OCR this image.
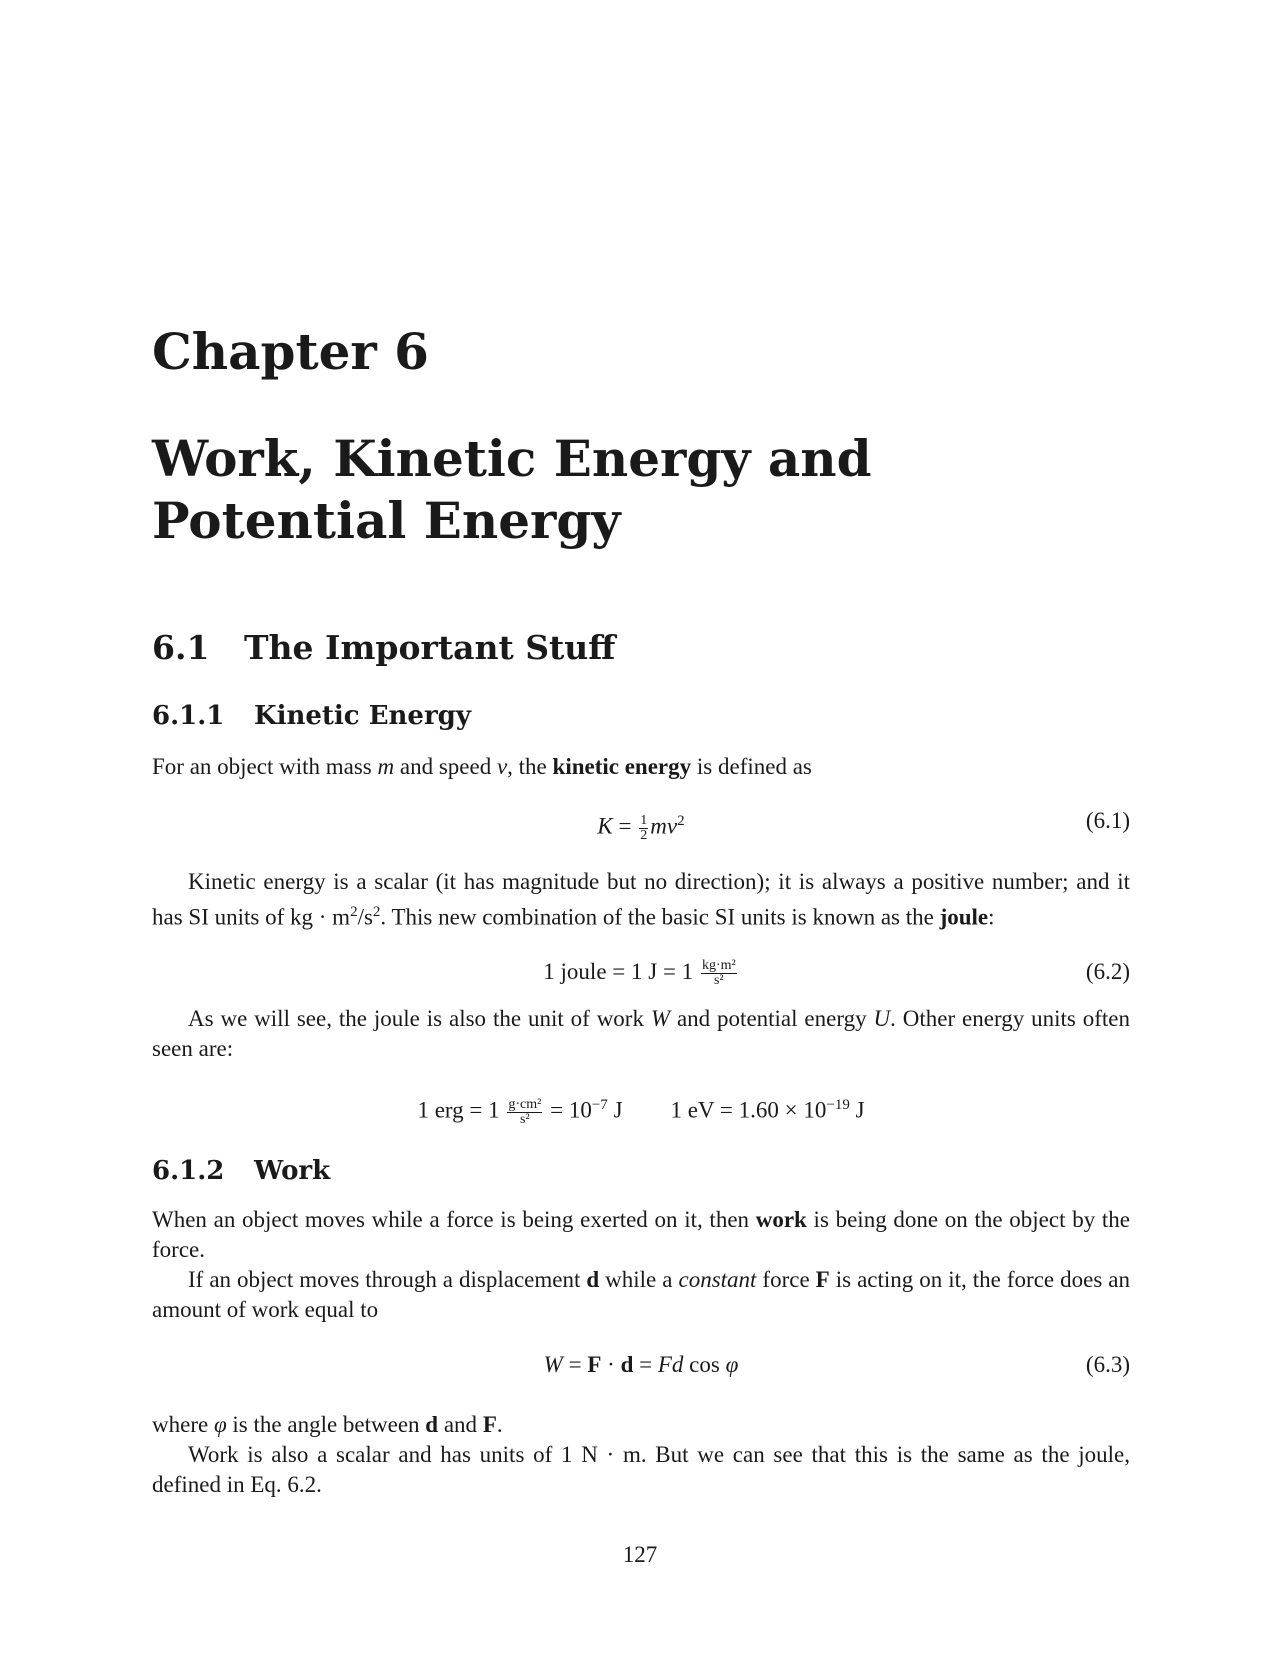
Chapter 6
Work, Kinetic Energy and Potential Energy
6.1 The Important Stuff
6.1.1 Kinetic Energy
For an object with mass m and speed v, the kinetic energy is defined as
$K = \frac{1}{2} mv^2$	(6.1)
Kinetic energy is a scalar (it has magnitude but no direction); it is always a positive number; and it has SI units of kg · $m^2/s^2$. This new combination of the basic SI units is known as the joule:
1 joule = 1 $J = 1 \frac{\text{kg·m²}}{\text{s²}}$	(6.2)
As we will see, the joule is also the unit of work W and potential energy U. Other energy units often seen are:
1 erg = $1 \frac{\text{g·cm²}}{\text{s²}} = 10^{-7}$ J 1 eV = $1.60 \times 10^{-19}$ J
6.1.2 Work
When an object moves while a force is being exerted on it, then work is being done on the object by the force.
If an object moves through a displacement d while a constant force F is acting on it, the force does an amount of work equal to
W = F · d = Fd cos φ	(6.3)
where φ is the angle between d and F.
Work is also a scalar and has units of 1 N · m. But we can see that this is the same as the joule, defined in Eq. 6.2.
127
